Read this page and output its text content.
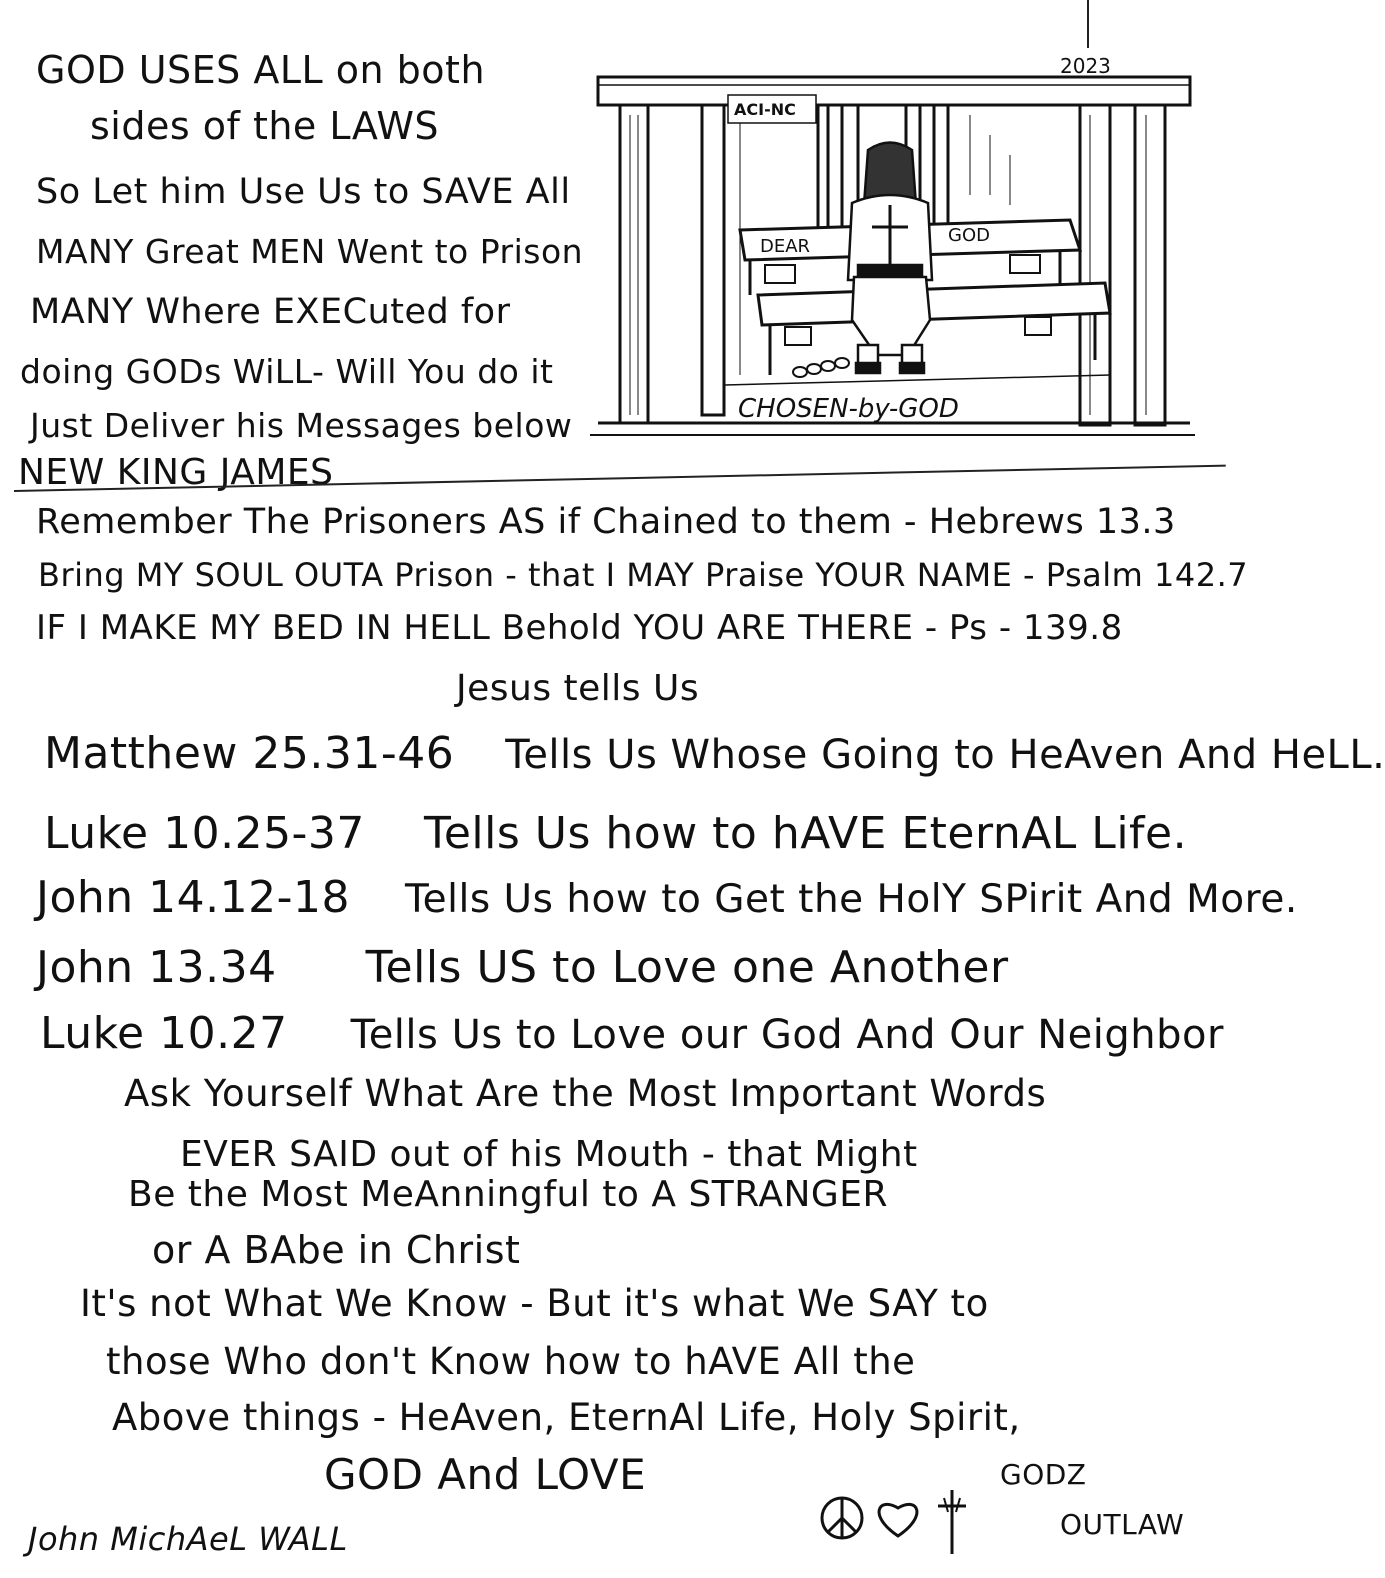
GOD USES ALL on both
sides of the LAWS
So Let him Use Us to SAVE All
MANY Great MEN Went to Prison
MANY Where EXECuted for
doing GODs WiLL- Will You do it
Just Deliver his Messages below
2023
ACI-NC
DEAR
GOD
CHOSEN-by-GOD
NEW KING JAMES
Remember The Prisoners AS if Chained to them - Hebrews 13.3
Bring MY SOUL OUTA Prison - that I MAY Praise YOUR NAME - Psalm 142.7
IF I MAKE MY BED IN HELL Behold YOU ARE THERE - Ps - 139.8
Jesus tells Us
Matthew 25.31-46 Tells Us Whose Going to HeAven And HeLL.
Luke 10.25-37 Tells Us how to hAVE EternAL Life.
John 14.12-18 Tells Us how to Get the HolY SPirit And More.
John 13.34 Tells US to Love one Another
Luke 10.27 Tells Us to Love our God And Our Neighbor
Ask Yourself What Are the Most Important Words
EVER SAID out of his Mouth - that Might
Be the Most MeAnningful to A STRANGER
or A BAbe in Christ
It's not What We Know - But it's what We SAY to
those Who don't Know how to hAVE All the
Above things - HeAven, EternAl Life, Holy Spirit,
GOD And LOVE
John MichAeL WALL
GODZ
OUTLAW
